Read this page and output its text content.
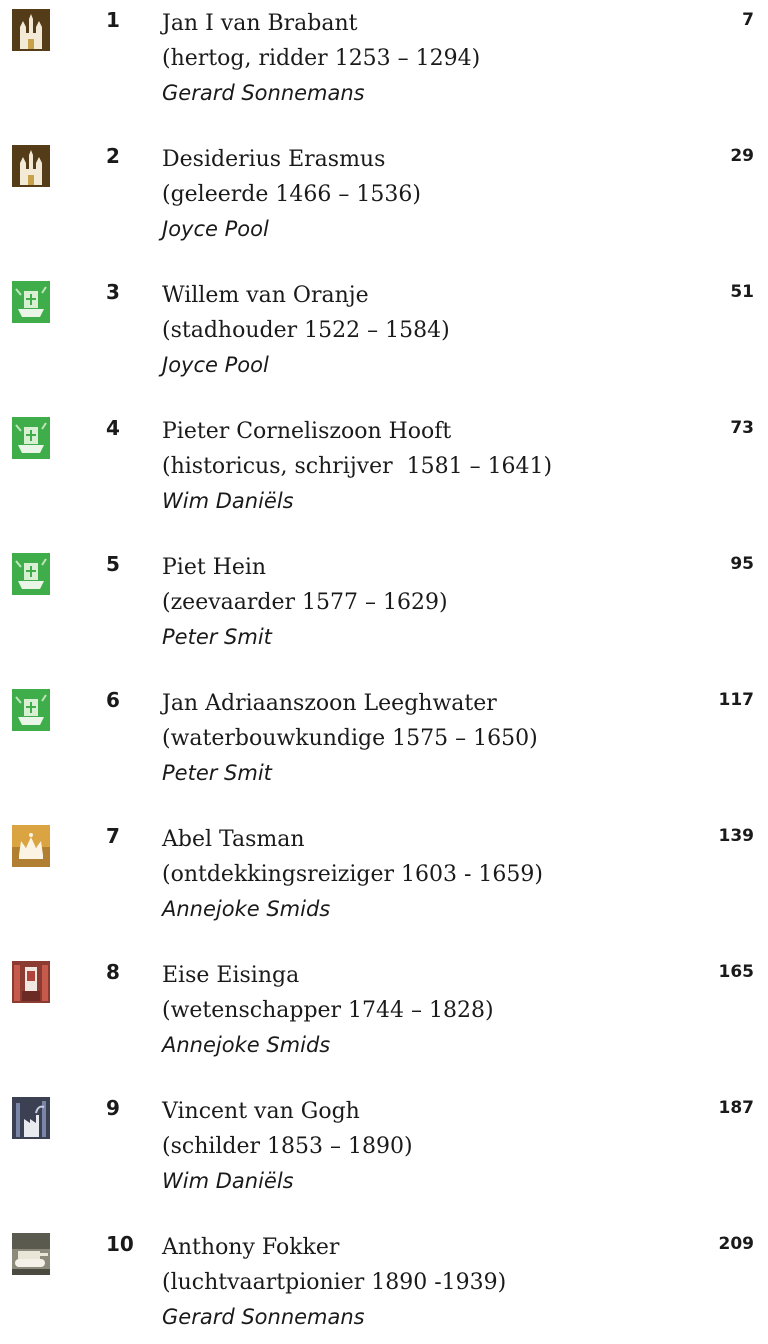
1 Jan I van Brabant
(hertog, ridder 1253 – 1294)
Gerard Sonnemans
7
2 Desiderius Erasmus
(geleerde 1466 – 1536)
Joyce Pool
29
3 Willem van Oranje
(stadhouder 1522 – 1584)
Joyce Pool
51
4 Pieter Corneliszoon Hooft
(historicus, schrijver  1581 – 1641)
Wim Daniëls
73
5 Piet Hein
(zeevaarder 1577 – 1629)
Peter Smit
95
6 Jan Adriaanszoon Leeghwater
(waterbouwkundige 1575 – 1650)
Peter Smit
117
7 Abel Tasman
(ontdekkingsreiziger 1603 - 1659)
Annejoke Smids
139
8 Eise Eisinga
(wetenschapper 1744 – 1828)
Annejoke Smids
165
9 Vincent van Gogh
(schilder 1853 – 1890)
Wim Daniëls
187
10 Anthony Fokker
(luchtvaartpionier 1890 -1939)
Gerard Sonnemans
209
